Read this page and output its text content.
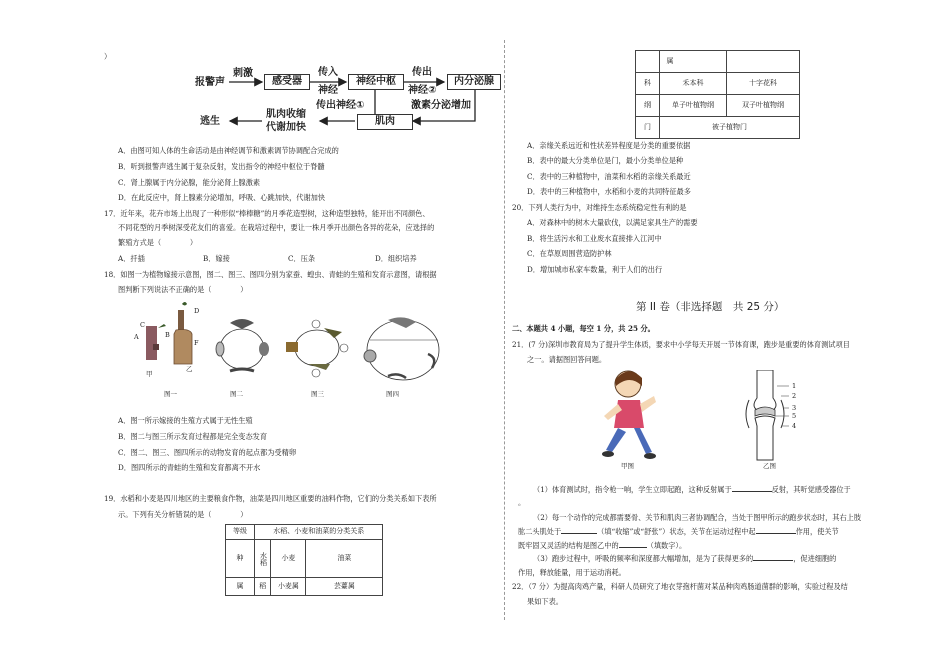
）
报警声
刺激
感受器
传入
神经
神经中枢
传出
神经②
内分泌腺
激素分泌增加
肌肉
传出神经①
肌肉收缩
代谢加快
逃生
A．由图可知人体的生命活动是由神经调节和激素调节协调配合完成的
B．听到报警声逃生属于复杂反射，发出指令的神经中枢位于脊髓
C．肾上腺属于内分泌腺，能分泌肾上腺激素
D．在此反应中，肾上腺素分泌增加，呼吸、心跳加快，代谢加快
17．近年来，花卉市场上出现了一种形似“棒棒糖”的月季花造型树，这种造型独特，能开出不同颜色、
不同花型的月季树深受花友们的喜爱。在栽培过程中，要让一株月季开出颜色各异的花朵，应选择的
繁殖方式是（　　　　）
A．扦插	B．嫁接	C．压条	D．组织培养
18．如图一为植物嫁接示意图，图二、图三、图四分别为家蚕、蝗虫、青蛙的生殖和发育示意图，请根据
图判断下列说法不正确的是（　　　　）
C
A
D
B
F
甲
乙
图二	图三	图四
图一
A．图一所示嫁接的生殖方式属于无性生殖
B．图二与图三所示发育过程都是完全变态发育
C．图二、图三、图四所示的动物发育的起点都为受精卵
D．图四所示的青蛙的生殖和发育都离不开水
19．水稻和小麦是四川地区的主要粮食作物，油菜是四川地区重要的油料作物，它们的分类关系如下表所
示。下列有关分析错误的是（　　　　）
等级	水稻、小麦和油菜的分类关系		
种	水稻	小麦	油菜
属	稻	小麦属	芸薹属
	属		
科	禾本科		十字花科
纲	单子叶植物纲		双子叶植物纲
门	被子植物门		
A．亲缘关系远近和性状差异程度是分类的重要依据
B．表中的最大分类单位是门，最小分类单位是种
C．表中的三种植物中，油菜和水稻的亲缘关系最近
D．表中的三种植物中，水稻和小麦的共同特征最多
20．下列人类行为中，对维持生态系统稳定性有利的是
A．对森林中的树木大量砍伐，以满足家具生产的需要
B．将生活污水和工业废水直接排入江河中
C．在草原周围营造防护林
D．增加城市私家车数量，利于人们的出行
第 II 卷（非选择题　共 25 分）
二、本题共 4 小题，每空 1 分，共 25 分。
21．(7 分)深圳市教育局为了提升学生体质，要求中小学每天开展一节体育课，跑步是重要的体育测试项目
之一。请据图回答问题。
甲图
1
2
3
5
4
乙图
（1）体育测试时，指令枪一响，学生立即起跑，这种反射属于	反射，其听觉感受器位于
。
（2）每一个动作的完成都需要骨、关节和肌肉三者协调配合，当处于图甲所示的跑步状态时，其右上肢
肱二头肌处于	（填“收缩”或“舒张”）状态，关节在运动过程中起	作用，使关节
既牢固又灵活的结构是图乙中的	（填数字）。
（3）跑步过程中，呼吸的频率和深度都大幅增加，是为了获得更多的	，促进细胞的
作用，释放能量，用于运动消耗。
22．（7 分）为提高肉鸡产量，科研人员研究了地衣芽孢杆菌对某品种肉鸡肠道菌群的影响，实验过程及结
果如下表。
